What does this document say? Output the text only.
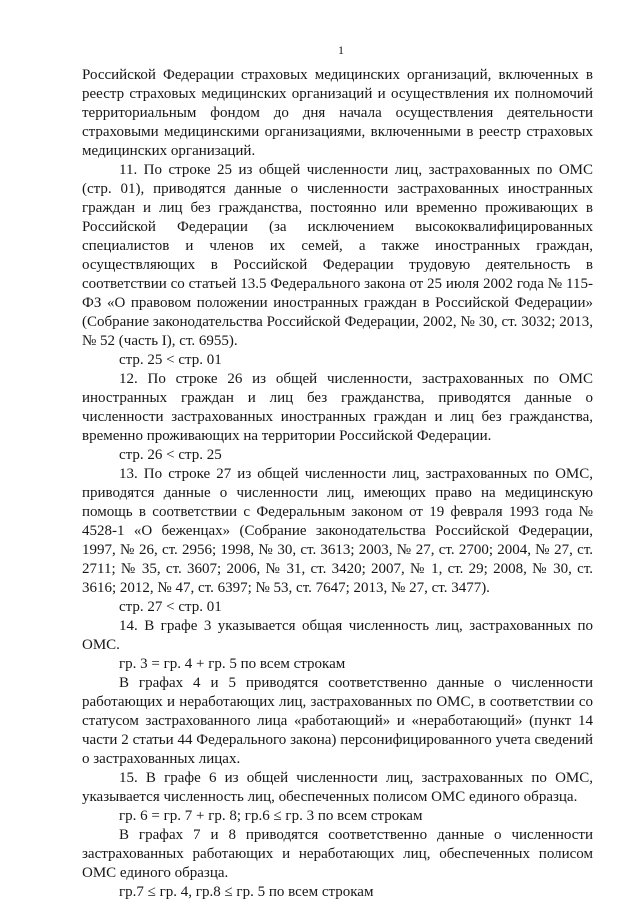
1

Российской Федерации страховых медицинских организаций, включенных в реестр страховых медицинских организаций и осуществления их полномочий территориальным фондом до дня начала осуществления деятельности страховыми медицинскими организациями, включенными в реестр страховых медицинских организаций.

11. По строке 25 из общей численности лиц, застрахованных по ОМС (стр. 01), приводятся данные о численности застрахованных иностранных граждан и лиц без гражданства, постоянно или временно проживающих в Российской Федерации (за исключением высококвалифицированных специалистов и членов их семей, а также иностранных граждан, осуществляющих в Российской Федерации трудовую деятельность в соответствии со статьей 13.5 Федерального закона от 25 июля 2002 года № 115-ФЗ «О правовом положении иностранных граждан в Российской Федерации» (Собрание законодательства Российской Федерации, 2002, № 30, ст. 3032; 2013, № 52 (часть I), ст. 6955).

стр. 25 < стр. 01

12. По строке 26 из общей численности, застрахованных по ОМС иностранных граждан и лиц без гражданства, приводятся данные о численности застрахованных иностранных граждан и лиц без гражданства, временно проживающих на территории Российской Федерации.

стр. 26 < стр. 25

13. По строке 27 из общей численности лиц, застрахованных по ОМС, приводятся данные о численности лиц, имеющих право на медицинскую помощь в соответствии с Федеральным законом от 19 февраля 1993 года № 4528-1 «О беженцах» (Собрание законодательства Российской Федерации, 1997, № 26, ст. 2956; 1998, № 30, ст. 3613; 2003, № 27, ст. 2700; 2004, № 27, ст. 2711; № 35, ст. 3607; 2006, № 31, ст. 3420; 2007, № 1, ст. 29; 2008, № 30, ст. 3616; 2012, № 47, ст. 6397; № 53, ст. 7647; 2013, № 27, ст. 3477).

стр. 27 < стр. 01

14. В графе 3 указывается общая численность лиц, застрахованных по ОМС.

гр. 3 = гр. 4 + гр. 5 по всем строкам

В графах 4 и 5 приводятся соответственно данные о численности работающих и неработающих лиц, застрахованных по ОМС, в соответствии со статусом застрахованного лица «работающий» и «неработающий» (пункт 14 части 2 статьи 44 Федерального закона) персонифицированного учета сведений о застрахованных лицах.

15. В графе 6 из общей численности лиц, застрахованных по ОМС, указывается численность лиц, обеспеченных полисом ОМС единого образца.

гр. 6 = гр. 7 + гр. 8; гр.6 ≤ гр. 3 по всем строкам

В графах 7 и 8 приводятся соответственно данные о численности застрахованных работающих и неработающих лиц, обеспеченных полисом ОМС единого образца.

гр.7 ≤ гр. 4, гр.8 ≤ гр. 5 по всем строкам
